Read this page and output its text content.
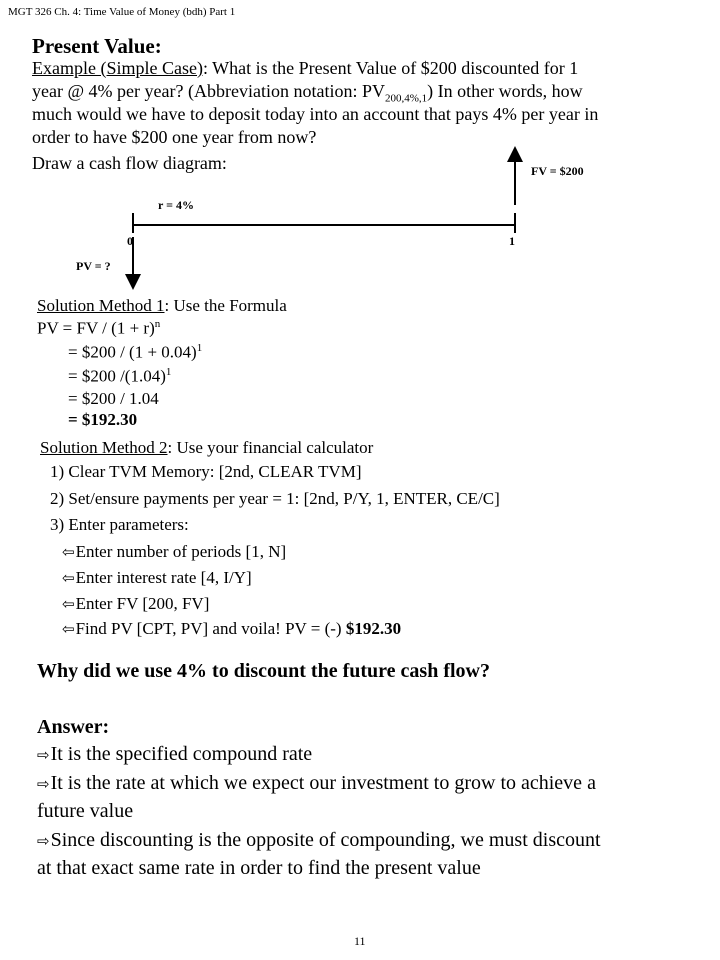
MGT 326 Ch. 4: Time Value of Money (bdh) Part 1
Present Value:
Example (Simple Case): What is the Present Value of $200 discounted for 1
year @ 4% per year? (Abbreviation notation: $PV_{200,4\%,1}$) In other words, how
much would we have to deposit today into an account that pays 4% per year in
order to have $200 one year from now?
Draw a cash flow diagram:	FV = $200
r = 4%
0	1
PV = ?
Solution Method 1: Use the Formula
PV = FV / $(1 + r)^n$
= $200 / $(1 + 0.04)^1$
= $200 $/(1.04)^1$
= $200 / 1.04
= $192.30
Solution Method 2: Use your financial calculator
1) Clear TVM Memory: [2nd, CLEAR TVM]
2) Set/ensure payments per year = 1: [2nd, P/Y, 1, ENTER, CE/C]
3) Enter parameters:
⇦Enter number of periods [1, N]
⇦Enter interest rate [4, I/Y]
⇦Enter FV [200, FV]
⇦Find PV [CPT, PV] and voila! PV = (-) $192.30
Why did we use 4% to discount the future cash flow?
Answer:
⇨It is the specified compound rate
⇨It is the rate at which we expect our investment to grow to achieve a
future value
⇨Since discounting is the opposite of compounding, we must discount
at that exact same rate in order to find the present value
11
